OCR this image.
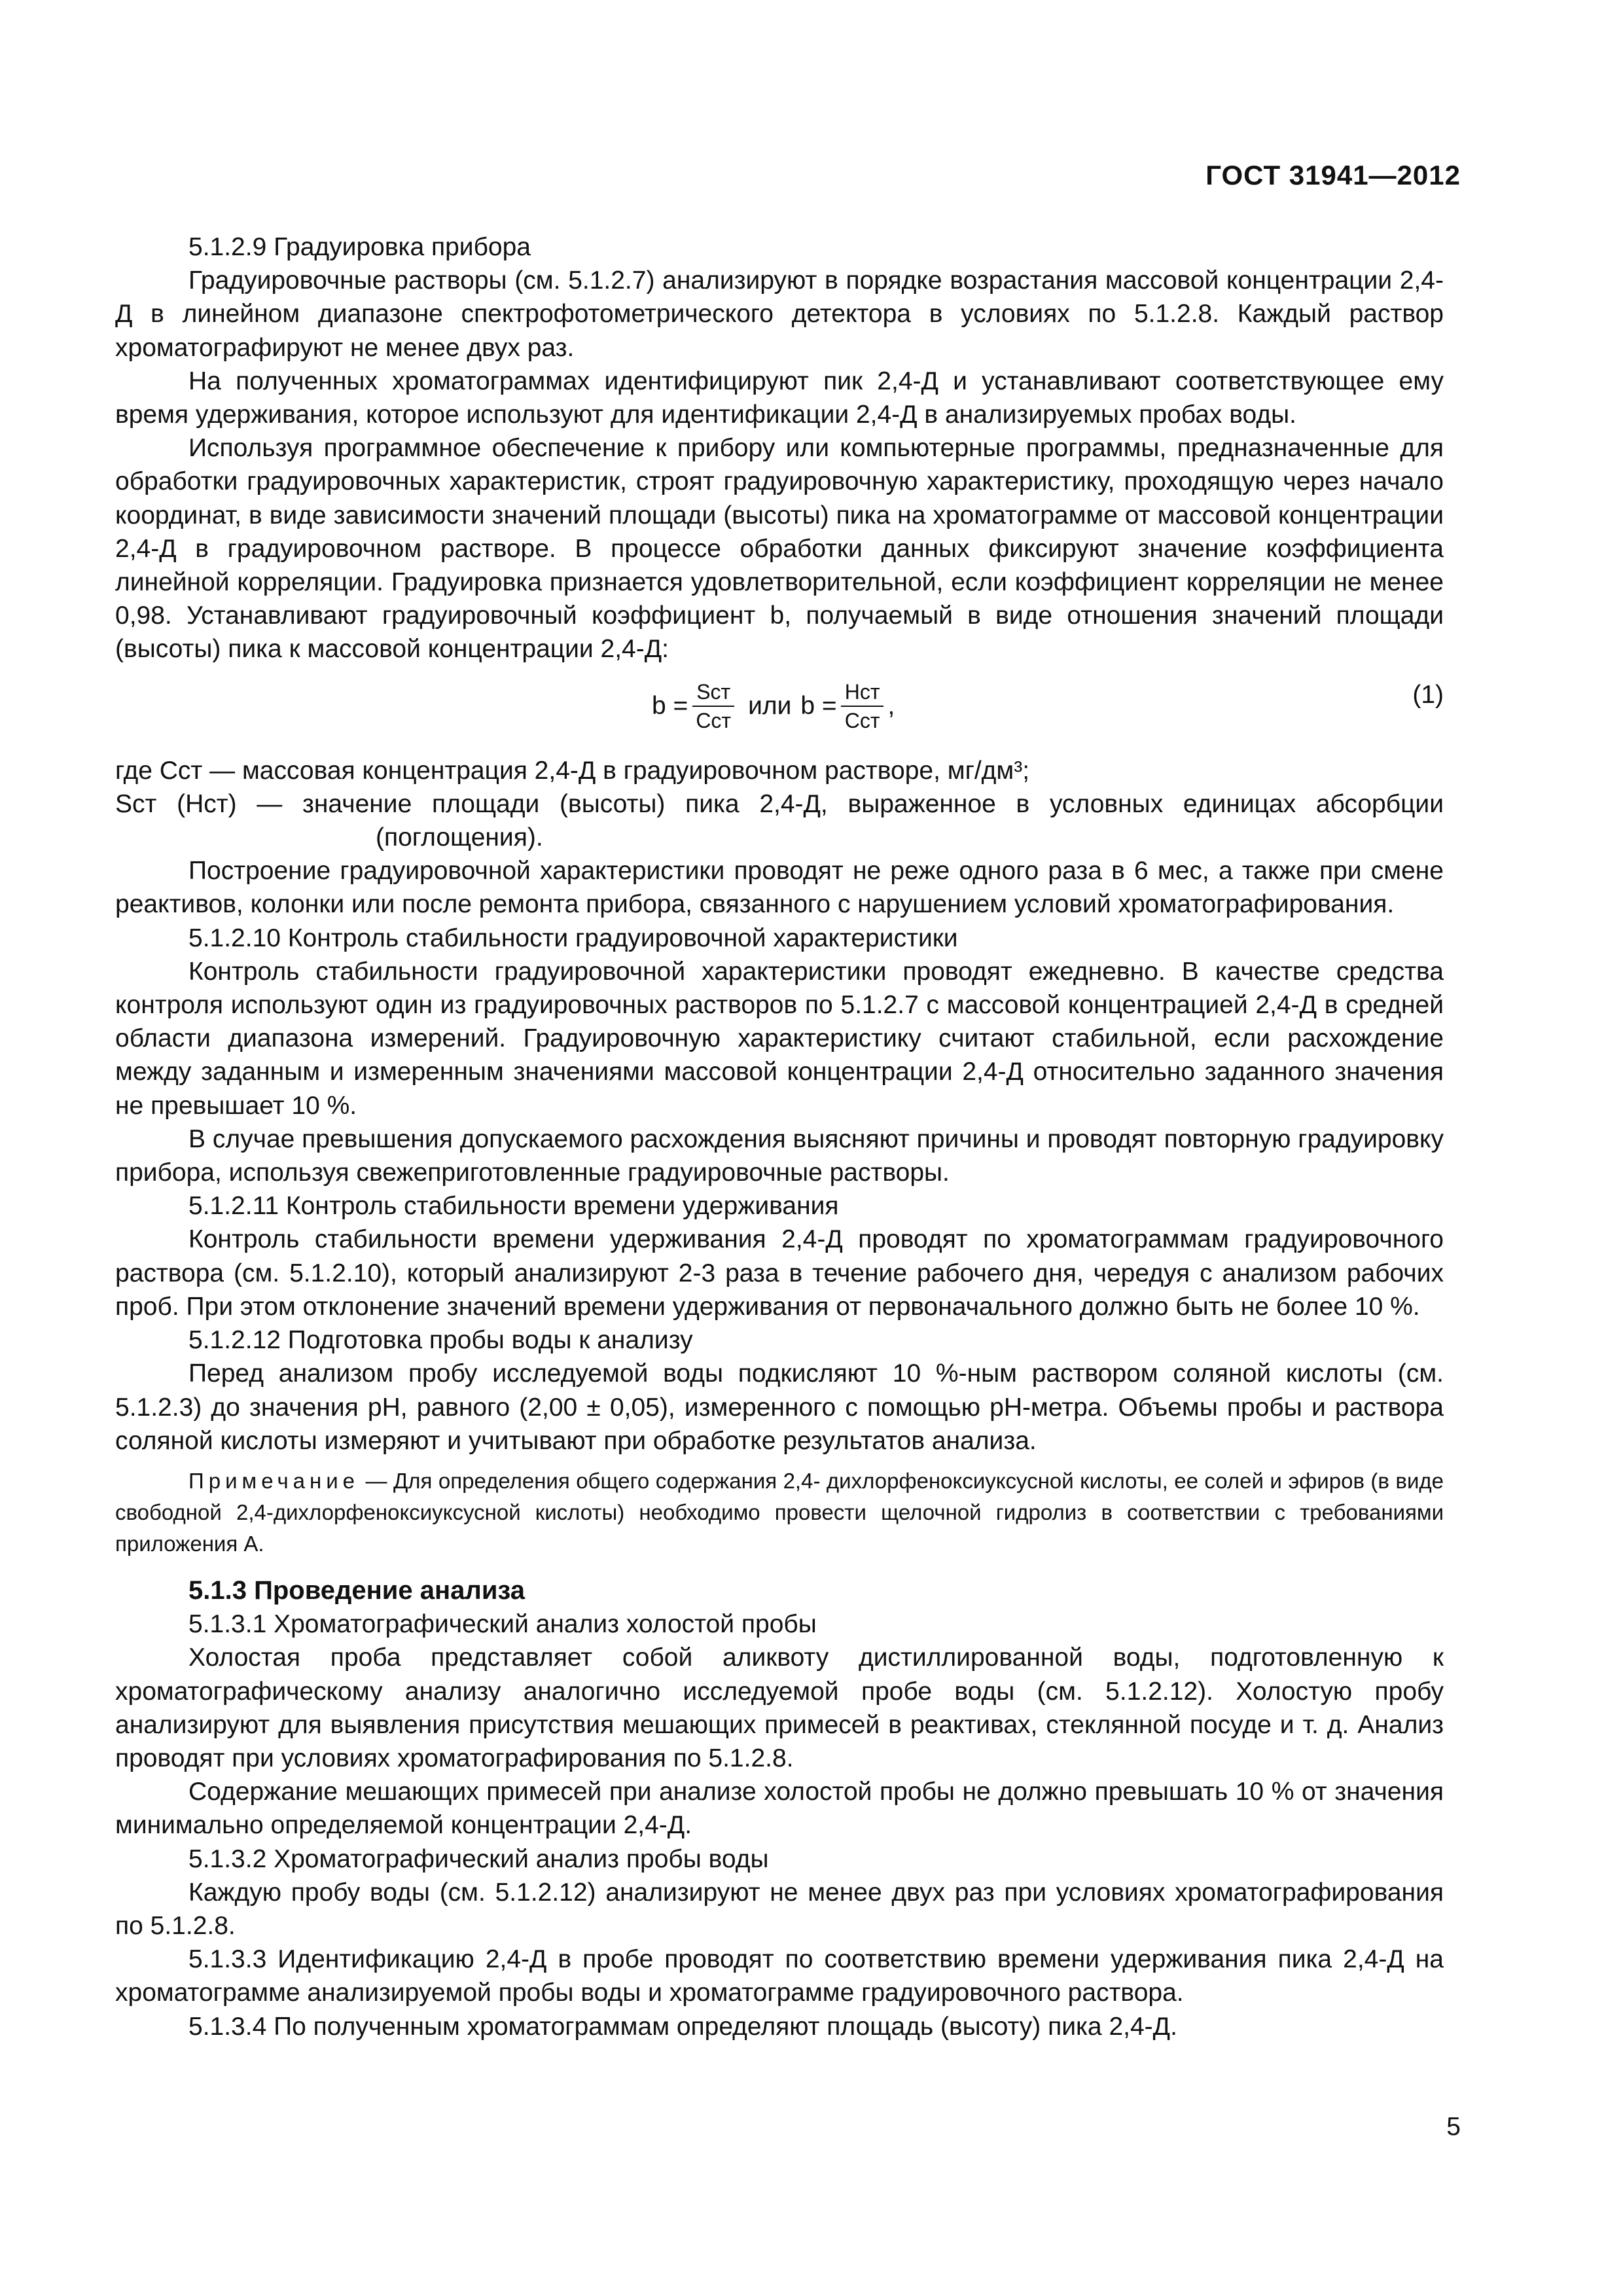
ГОСТ 31941—2012

5.1.2.9 Градуировка прибора

Градуировочные растворы (см. 5.1.2.7) анализируют в порядке возрастания массовой концентрации 2,4-Д в линейном диапазоне спектрофотометрического детектора в условиях по 5.1.2.8. Каждый раствор хроматографируют не менее двух раз.

На полученных хроматограммах идентифицируют пик 2,4-Д и устанавливают соответствующее ему время удерживания, которое используют для идентификации 2,4-Д в анализируемых пробах воды.

Используя программное обеспечение к прибору или компьютерные программы, предназначенные для обработки градуировочных характеристик, строят градуировочную характеристику, проходящую через начало координат, в виде зависимости значений площади (высоты) пика на хроматограмме от массовой концентрации 2,4-Д в градуировочном растворе. В процессе обработки данных фиксируют значение коэффициента линейной корреляции. Градуировка признается удовлетворительной, если коэффициент корреляции не менее 0,98. Устанавливают градуировочный коэффициент b, получаемый в виде отношения значений площади (высоты) пика к массовой концентрации 2,4-Д:

$b = \frac{\text{Sст}}{\text{Cст}}$ или $b = \frac{\text{Hст}}{\text{Cст}}$ ,	(1)

где Cст — массовая концентрация 2,4-Д в градуировочном растворе, мг/дм³;

Sст (Hст) — значение площади (высоты) пика 2,4-Д, выраженное в условных единицах абсорбции (поглощения).

Построение градуировочной характеристики проводят не реже одного раза в 6 мес, а также при смене реактивов, колонки или после ремонта прибора, связанного с нарушением условий хроматографирования.

5.1.2.10 Контроль стабильности градуировочной характеристики

Контроль стабильности градуировочной характеристики проводят ежедневно. В качестве средства контроля используют один из градуировочных растворов по 5.1.2.7 с массовой концентрацией 2,4-Д в средней области диапазона измерений. Градуировочную характеристику считают стабильной, если расхождение между заданным и измеренным значениями массовой концентрации 2,4-Д относительно заданного значения не превышает 10 %.

В случае превышения допускаемого расхождения выясняют причины и проводят повторную градуировку прибора, используя свежеприготовленные градуировочные растворы.

5.1.2.11 Контроль стабильности времени удерживания

Контроль стабильности времени удерживания 2,4-Д проводят по хроматограммам градуировочного раствора (см. 5.1.2.10), который анализируют 2-3 раза в течение рабочего дня, чередуя с анализом рабочих проб. При этом отклонение значений времени удерживания от первоначального должно быть не более 10 %.

5.1.2.12 Подготовка пробы воды к анализу

Перед анализом пробу исследуемой воды подкисляют 10 %-ным раствором соляной кислоты (см. 5.1.2.3) до значения pH, равного (2,00 ± 0,05), измеренного с помощью pH-метра. Объемы пробы и раствора соляной кислоты измеряют и учитывают при обработке результатов анализа.

Примечание — Для определения общего содержания 2,4- дихлорфеноксиуксусной кислоты, ее солей и эфиров (в виде свободной 2,4-дихлорфеноксиуксусной кислоты) необходимо провести щелочной гидролиз в соответствии с требованиями приложения А.

5.1.3 Проведение анализа

5.1.3.1 Хроматографический анализ холостой пробы

Холостая проба представляет собой аликвоту дистиллированной воды, подготовленную к хроматографическому анализу аналогично исследуемой пробе воды (см. 5.1.2.12). Холостую пробу анализируют для выявления присутствия мешающих примесей в реактивах, стеклянной посуде и т. д. Анализ проводят при условиях хроматографирования по 5.1.2.8.

Содержание мешающих примесей при анализе холостой пробы не должно превышать 10 % от значения минимально определяемой концентрации 2,4-Д.

5.1.3.2 Хроматографический анализ пробы воды

Каждую пробу воды (см. 5.1.2.12) анализируют не менее двух раз при условиях хроматографирования по 5.1.2.8.

5.1.3.3 Идентификацию 2,4-Д в пробе проводят по соответствию времени удерживания пика 2,4-Д на хроматограмме анализируемой пробы воды и хроматограмме градуировочного раствора.

5.1.3.4 По полученным хроматограммам определяют площадь (высоту) пика 2,4-Д.

5
